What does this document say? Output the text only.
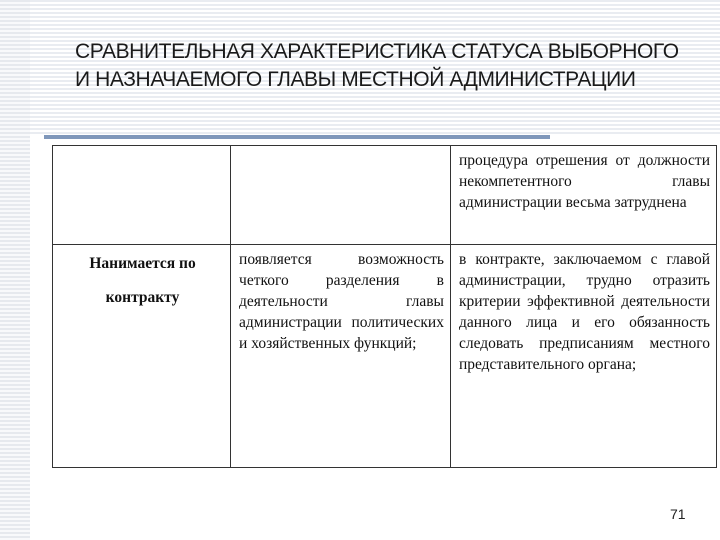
СРАВНИТЕЛЬНАЯ ХАРАКТЕРИСТИКА СТАТУСА ВЫБОРНОГО И НАЗНАЧАЕМОГО ГЛАВЫ МЕСТНОЙ АДМИНИСТРАЦИИ
		процедура отрешения от должности некомпетентного главы администрации весьма затруднена
Нанимается по контракту	появляется возможность четкого разделения в деятельности главы администрации политических и хозяйственных функций;	в контракте, заключаемом с главой администрации, трудно отразить критерии эффективной деятельности данного лица и его обязанность следовать предписаниям местного представительного органа;
71
